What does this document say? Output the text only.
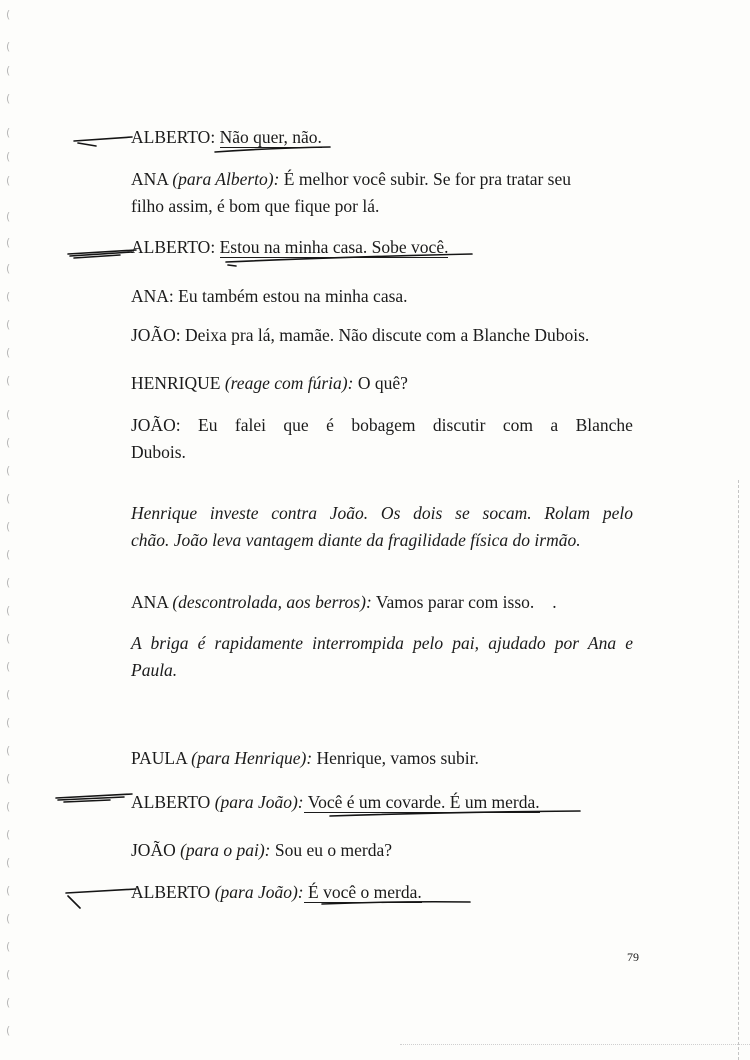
(
(
(
(
(
(
(
(
(
(
(
(
(
(
(
(
(
(
(
(
(
(
(
(
(
(
(
(
(
(
(
(
(
(
(
(
(
ALBERTO: Não quer, não.
ANA (para Alberto): É melhor você subir. Se for pra tratar seu
filho assim, é bom que fique por lá.
ALBERTO: Estou na minha casa. Sobe você.
ANA: Eu também estou na minha casa.
JOÃO: Deixa pra lá, mamãe. Não discute com a Blanche Dubois.
HENRIQUE (reage com fúria): O quê?
JOÃO: Eu falei que é bobagem discutir com a Blanche
Dubois.
Henrique investe contra João. Os dois se socam. Rolam pelo
chão. João leva vantagem diante da fragilidade física do irmão.
ANA (descontrolada, aos berros): Vamos parar com isso. .
A briga é rapidamente interrompida pelo pai, ajudado por Ana e
Paula.
PAULA (para Henrique): Henrique, vamos subir.
ALBERTO (para João): Você é um covarde. É um merda.
JOÃO (para o pai): Sou eu o merda?
ALBERTO (para João): É você o merda.
79
